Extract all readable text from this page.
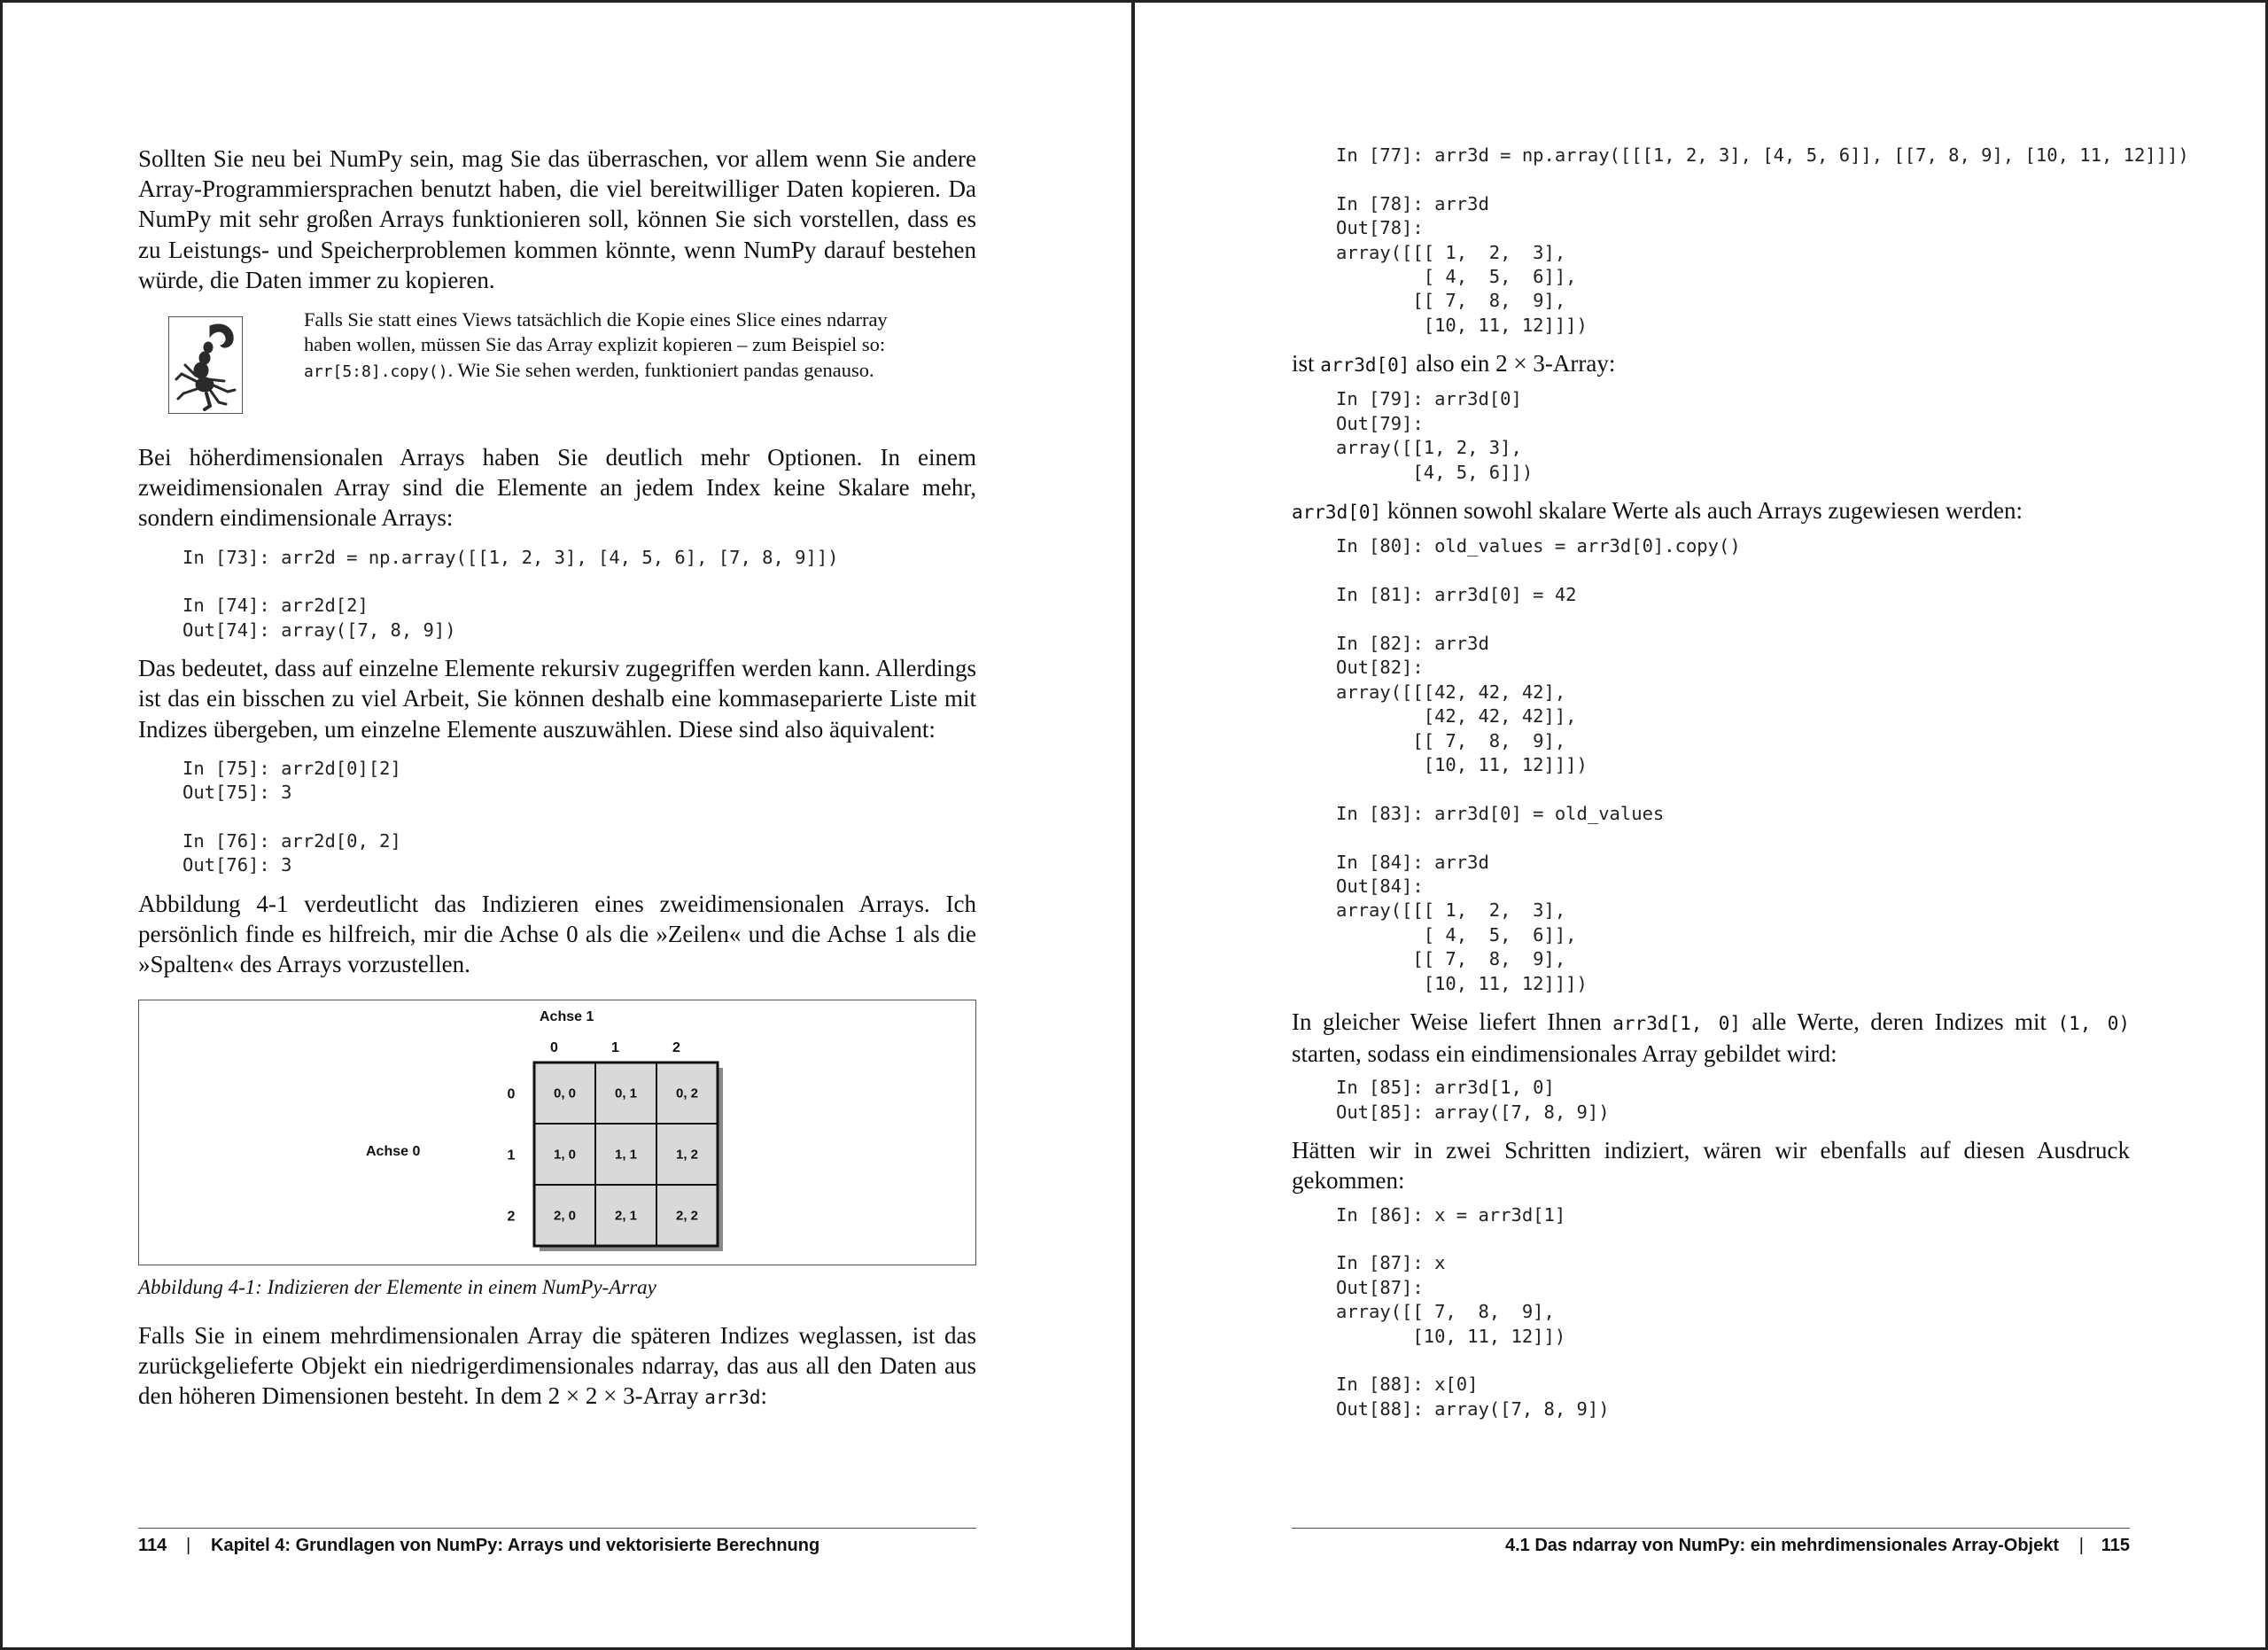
Sollten Sie neu bei NumPy sein, mag Sie das überraschen, vor allem wenn Sie andere Array-Programmiersprachen benutzt haben, die viel bereitwilliger Daten kopieren. Da NumPy mit sehr großen Arrays funktionieren soll, können Sie sich vorstellen, dass es zu Leistungs- und Speicherproblemen kommen könnte, wenn NumPy darauf bestehen würde, die Daten immer zu kopieren.

Falls Sie statt eines Views tatsächlich die Kopie eines Slice eines ndarray haben wollen, müssen Sie das Array explizit kopieren – zum Beispiel so: arr[5:8].copy(). Wie Sie sehen werden, funktioniert pandas genauso.

Bei höherdimensionalen Arrays haben Sie deutlich mehr Optionen. In einem zweidimensionalen Array sind die Elemente an jedem Index keine Skalare mehr, sondern eindimensionale Arrays:

In [73]: arr2d = np.array([[1, 2, 3], [4, 5, 6], [7, 8, 9]])

In [74]: arr2d[2]
Out[74]: array([7, 8, 9])

Das bedeutet, dass auf einzelne Elemente rekursiv zugegriffen werden kann. Allerdings ist das ein bisschen zu viel Arbeit, Sie können deshalb eine kommaseparierte Liste mit Indizes übergeben, um einzelne Elemente auszuwählen. Diese sind also äquivalent:

In [75]: arr2d[0][2]
Out[75]: 3

In [76]: arr2d[0, 2]
Out[76]: 3

Abbildung 4-1 verdeutlicht das Indizieren eines zweidimensionalen Arrays. Ich persönlich finde es hilfreich, mir die Achse 0 als die »Zeilen« und die Achse 1 als die »Spalten« des Arrays vorzustellen.

Achse 1
Achse 0
0, 0	0, 1	0, 2
1, 0	1, 1	1, 2
2, 0	2, 1	2, 2
0	1	2
0
1
2

Abbildung 4-1: Indizieren der Elemente in einem NumPy-Array

Falls Sie in einem mehrdimensionalen Array die späteren Indizes weglassen, ist das zurückgelieferte Objekt ein niedrigerdimensionales ndarray, das aus all den Daten aus den höheren Dimensionen besteht. In dem 2 × 2 × 3-Array arr3d:

114 | Kapitel 4: Grundlagen von NumPy: Arrays und vektorisierte Berechnung
In [77]: arr3d = np.array([[[1, 2, 3], [4, 5, 6]], [[7, 8, 9], [10, 11,

In [78]: arr3d
Out[78]:
array([[[ 1,  2,  3],
[ 4,  5,  6]],
[[ 7,  8,  9],
[10, 11, 12]]])

ist arr3d[0] also ein 2 × 3-Array:

In [79]: arr3d[0]
Out[79]:
array([[1, 2, 3],
[4, 5, 6]])

arr3d[0] können sowohl skalare Werte als auch Arrays zugewiesen werden:

In [80]: old_values = arr3d[0].copy()

In [81]: arr3d[0] = 42

In [82]: arr3d
Out[82]:
array([[[42, 42, 42],
[42, 42, 42]],
[[ 7,  8,  9],
[10, 11, 12]]])

In [83]: arr3d[0] = old_values

In [84]: arr3d
Out[84]:
array([[[ 1,  2,  3],
[ 4,  5,  6]],
[[ 7,  8,  9],
[10, 11, 12]]])

In gleicher Weise liefert Ihnen arr3d[1, 0] alle Werte, deren Indizes mit (1, 0) starten, sodass ein eindimensionales Array gebildet wird:

In [85]: arr3d[1, 0]
Out[85]: array([7, 8, 9])

Hätten wir in zwei Schritten indiziert, wären wir ebenfalls auf diesen Ausdruck gekommen:

In [86]: x = arr3d[1]

In [87]: x
Out[87]:
array([[ 7,  8,  9],
[10, 11, 12]])

In [88]: x[0]
Out[88]: array([7, 8, 9])
4.1 Das ndarray von NumPy: ein mehrdimensionales Array-Objekt | 115
